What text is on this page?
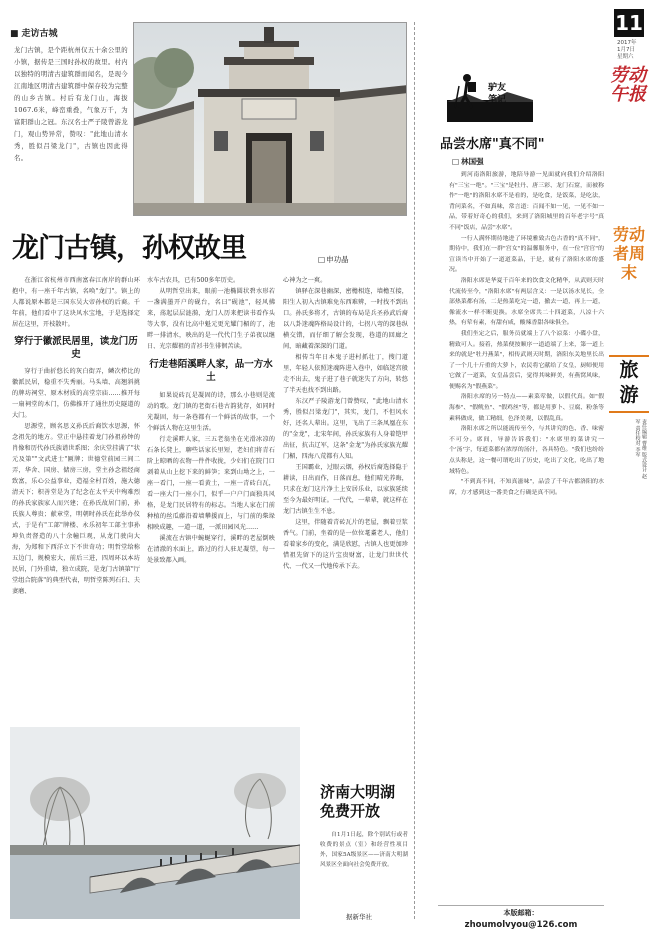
■ 走访古城
龙门古镇，是个距杭州仅五十余公里的小镇，据传是三国时孙权的故里。村内以独特的明清古建筑群而闻名，是现今江南地区明清古建筑群中保存较为完整的山乡古镇。村后有龙门山，海拔1067.6米，峰峦重叠，气象万千，为富阳群山之冠。东汉名士严子陵曾游龙门，观山势异常，赞叹："此地山清水秀，胜似吕梁龙门"，古镇也因此得名。
龙门古镇，孙权故里
□	申功晶

在浙江省杭州市西南富春江南岸的群山环抱中，有一座千年古镇，名唤"龙门"。镇上的人都说原本都是三国东吴大帝孙权的后裔。千年前，他们看中了这块风水宝地，于是选择定居在这里，开枝散叶。

穿行于徽派民居里，读龙门历史

穿行于曲折悠长的灰白街弄，鳞次栉比的徽派民居，稳重不失秀丽。马头墙、高翘斜挑的牌坊祠堂、原木材质的高堂宗庙……推开每一扇祠堂的木门，仿佛推开了通往历史隧道的大门。

思源堂，顾名思义孙氏后裔饮水思源，怀念祖先的地方。堂正中悬挂着龙门孙祖孙钟的肖像和历代孙氏族谱世系图；余庆堂挂满了"状元及第""文武进士"匾牌；世德堂前园三间二弄，华舍、国房、储房三房，堂主孙念祖经商致富，乐心公益事业，造福全村百姓，施大德清天下；积善堂是为了纪念在太平天中殉难烈的孙氏家族家人而兴建；在孙氏故居门前，孙氏族人尊贵；献章堂，明朝时孙氏在此举办仪式，于是有"工部"牌楼、永乐初年工部主事孙坤负责督造的八十余幢巨观，从龙门驶向大海，为郑和下西洋立下不世奇功；明哲堂给称五边门，规模宏大，前后三进，四周环以本坊民居，门外重墙，独立成院，是龙门古镇第"厅堂组合院落"的典型代表，明哲堂陈列石臼、夫妻磨、

水车古农具，已有500多年历史。

从明哲堂出来，眼前一池椭圆状碧水形若一盏满墨开户的砚台，名曰"砚池"，轻风拂来，荡起层层涟漪，龙门人历来把读书看作头等大事，没有比高中魁元更光耀门楣的了，池畔一排清水，映出的是一代代门生子弟夜以继日、光宗耀祖的青衫书生徘徊苦读。

行走巷陌溪畔人家，品一方水土

如果说砖瓦是凝固的诗，那么小巷则是流动的歌。龙门镇的老街石巷古韵犹存，如同时光凝固，每一条巷都有一个鲜活的故事，一个个鲜活人物在这里生活。

行走溪畔人家，三五老翁坐在光滑冰凉的石条长凳上，聊些话家长里短，老妇们将青石阶上晾晒的衣物一件件收拢，少妇们在院门口剥着从山上挖下来的鲜笋；来到山坳之上，一座一看门，一座一看黄土，一座一青砖白瓦，看一座大门一座小门，似乎一户户门面独具风格，是龙门民居特有的标志。当地人家在门前种植的丝瓜藤沿着墙攀援而上，与门前的柴垛相映成趣，一道一道，一派田园风光……

溪流在古镇中蜿蜒穿行，溪畔的老屋倒映在清澈的水面上，路过的行人驻足凝望，每一处景致都入画。

心神为之一爽。

镇驿在深巷幽深，密檐相连，墙檐互接，阳生人初入古镇难免东西难辨，一时找不到出口。孙氏多将才，古镇的布局是兵圣孙武后裔以八卦迷魂阵格局设计的，七拐八弯的深巷纵横交错，而仔细了解会发现，巷道的回廊之间，暗藏着深深的门道。

相传当年日本鬼子进村抓壮丁，搜门道里，年轻人依照迷魂阵进入巷中，如临迷宫般走不出去，鬼子进了巷子就迷失了方向，转悠了半天也找不到出路。

东汉严子陵游龙门曾赞叹，"此地山清水秀，胜似吕梁龙门"，其实，龙门，不但风水好，还名人辈出。这里，飞出了三条凤凰在东的"金龙"，北宋年间，孙氏家族有人身着铠甲出征，抗击辽军，这条"金龙"为孙氏家族光耀门楣，四海八荒都有人知。

王国霸业，过眼云烟，孙权后裔选择隐于耕读，日出而作，日落而息，他们晴光养晦，只求在龙门这片净土上安居乐业，以家族延续至今为最好明证。一代代，一辈辈，就这样在龙门古镇生生不息。

这里，伴随着青砖瓦片的老屋，飘着豆浆香气。门前，坐着的是一位位耄耋老人，他们看着家乡的变化，满是欣慰，古镇人也更加珍惜祖先留下的这片宝贵财富，让龙门世世代代、一代又一代地传承下去。

济南大明湖
免费开放

自1月1日起，除个别试行或者收费的景点（室）和经营性项目外，国家5A级景区——济南大明湖风景区全面向社会免费开放。

据新华社
11
2017年
1月7日
星期六
劳动午报
劳动者周末
旅游
责任编辑 曹维 版式设计 赵军 责任校对 李军
驴友
笔记
品尝水席"真不同"
□ 林国强

到河南洛阳旅游，地陪导游一见面就向我们介绍洛阳有"三宝一绝"。"三宝"是牡丹、唐三彩、龙门石窟，而被称作"一绝"的洛阳水席不是看的，是吃食，是饭菜，是吃法，背问菜名，不如真味，常言道：百闻不如一见，一见不如一品，带着好奇心的我们，来到了洛阳城里的百年老字号"真不同"饭店，品尝"水席"。

一行人满怀期待地进了环境雅致古色古香的"真不同"，期待中，我们在一群"宫女"的温馨服务中，在一位"宫官"的宣读当中开始了一道道菜品，于是，就有了洛阳水席的盛况。

洛阳水席是华夏千百年来的饮食文化精华，从武则天时代流传至今，"洛阳水席"有两层含义：一是以汤水见长，全部热菜都有汤，二是热菜吃完一道，撤去一道，再上一道，像流水一样不断更换。水席全席共二十四道菜，八凉十六热，有荤有素，有甜有咸，酸辣香甜各味俱全。

我们坐定之后，服务员就端上了八个凉菜：小碟小盘，精致可人。接着，热菜便按顺序一道道端了上来，第一道上来的就是"牡丹燕菜"，相传武则天时期，洛阳东关地里长出了一个几十斤重的大萝卜，农民将它献给了女皇，厨师便用它做了一道菜，女皇品尝后，觉得其味鲜美，有燕窝风味，便赐名为"假燕菜"。

洛阳水席的另一特点——素菜荤做，以假代真。如"假海参"、"假鱿鱼"、"假鸡丝"等，都是用萝卜、豆腐、粉条等素料做成，做工精细，色泽美观，以假乱真。

洛阳水席之所以能流传至今，与其讲究的色、香、味密不可分。席间，导游告诉我们："水席里的菜讲究一个'汤'字，每道菜都有浓厚的汤汁，各具特色。"我们也纷纷点头称是，这一餐可谓吃出了历史，吃出了文化，吃出了地域特色。

"不到真不同，不知真滋味"，品尝了千年古都洛阳的水席，方才感到这一番美食之行确是真不同。

本版邮箱：
zhoumolvyou@126.com
